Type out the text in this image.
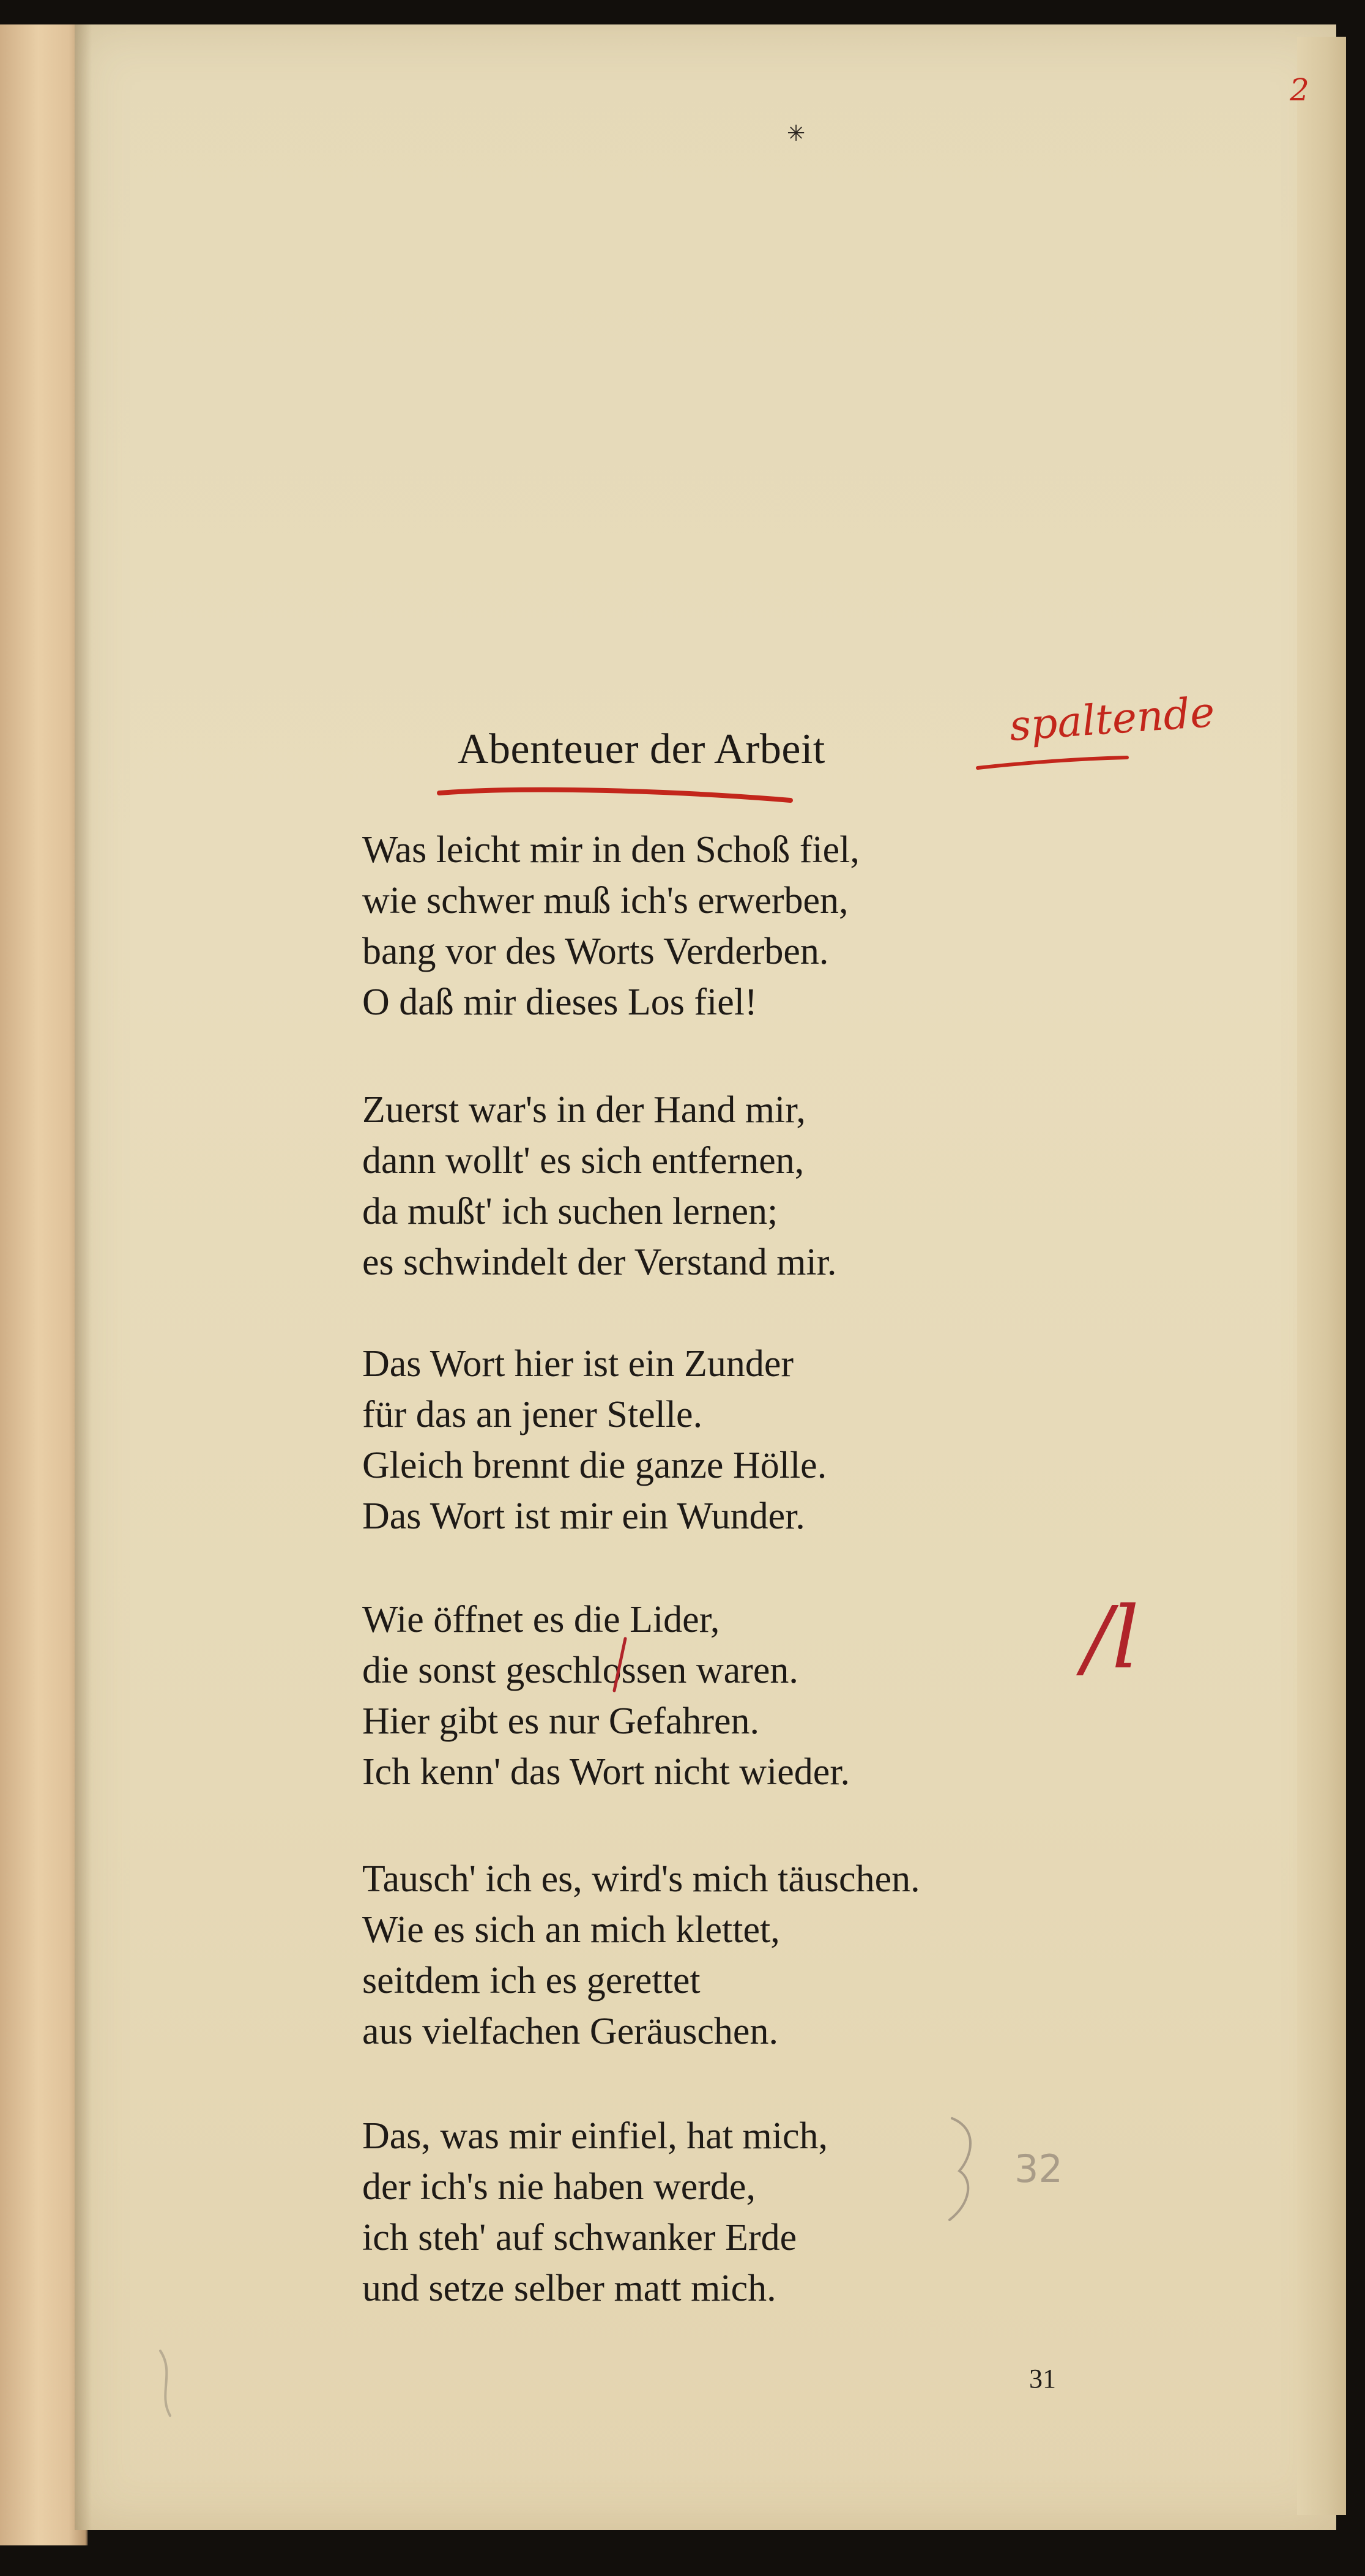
✳
2
Abenteuer der Arbeit	spaltende
Was leicht mir in den Schoß fiel,
wie schwer muß ich's erwerben,
bang vor des Worts Verderben.
O daß mir dieses Los fiel!
Zuerst war's in der Hand mir,
dann wollt' es sich entfernen,
da mußt' ich suchen lernen;
es schwindelt der Verstand mir.
Das Wort hier ist ein Zunder
für das an jener Stelle.
Gleich brennt die ganze Hölle.
Das Wort ist mir ein Wunder.
Wie öffnet es die Lider,
die sonst geschlossen waren.
Hier gibt es nur Gefahren.
Ich kenn' das Wort nicht wieder.
Tausch' ich es, wird's mich täuschen.
Wie es sich an mich klettet,
seitdem ich es gerettet
aus vielfachen Geräuschen.
Das, was mir einfiel, hat mich,
der ich's nie haben werde,
ich steh' auf schwanker Erde
und setze selber matt mich.
/l
32
31
